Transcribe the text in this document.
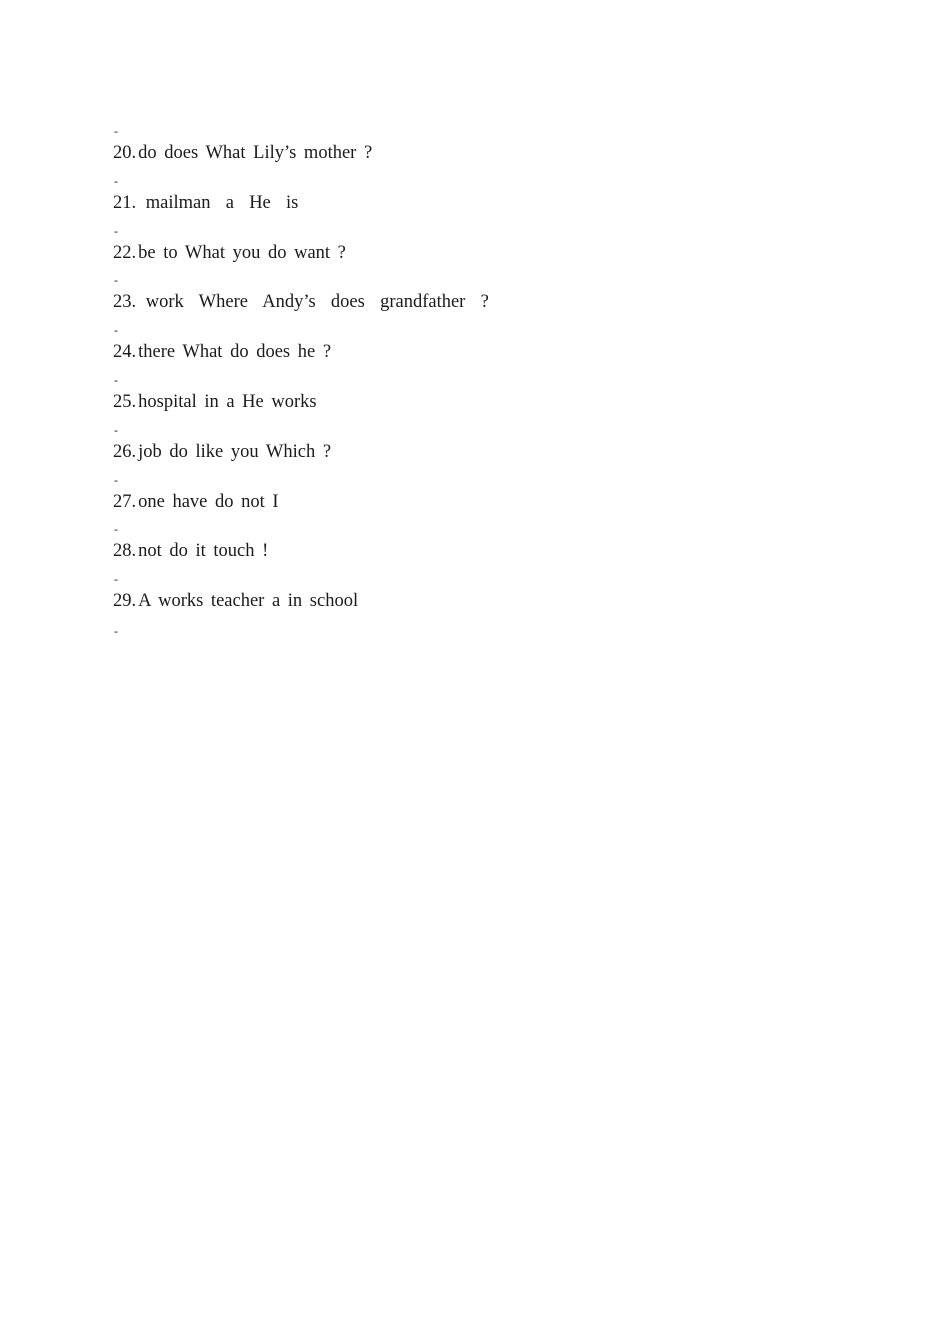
-
20. do does What Lily’s mother ?
-
21. mailman  a  He  is
-
22. be to What you do want ?
-
23. work  Where  Andy’s  does  grandfather  ?
-
24. there What do does he ?
-
25. hospital in a He works
-
26. job do like you Which ?
-
27. one have do not I
-
28. not do it touch !
-
29. A works teacher a in school
-
